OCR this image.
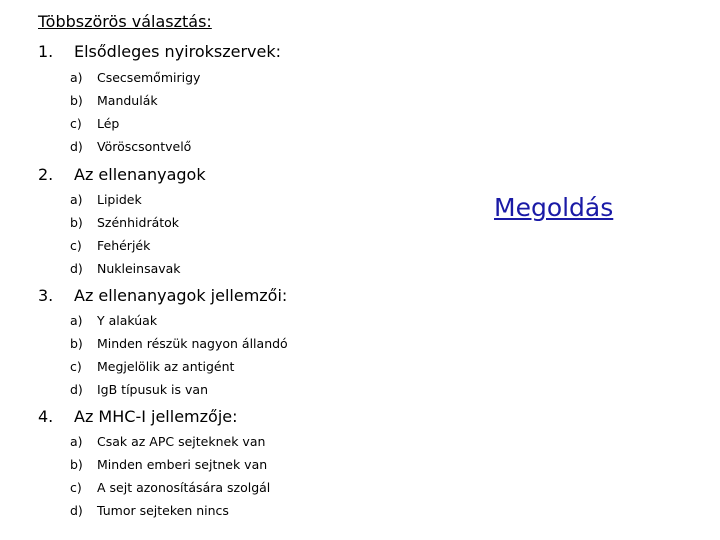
Többszörös választás:
1. Elsődleges nyirokszervek:
a) Csecsemőmirigy
b) Mandulák
c) Lép
d) Vöröscsontvelő
2. Az ellenanyagok
a) Lipidek
b) Szénhidrátok
c) Fehérjék
d) Nukleinsavak
3. Az ellenanyagok jellemzői:
a) Y alakúak
b) Minden részük nagyon állandó
c) Megjelölik az antigént
d) IgB típusuk is van
4. Az MHC-I jellemzője:
a) Csak az APC sejteknek van
b) Minden emberi sejtnek van
c) A sejt azonosítására szolgál
d) Tumor sejteken nincs
Megoldás
